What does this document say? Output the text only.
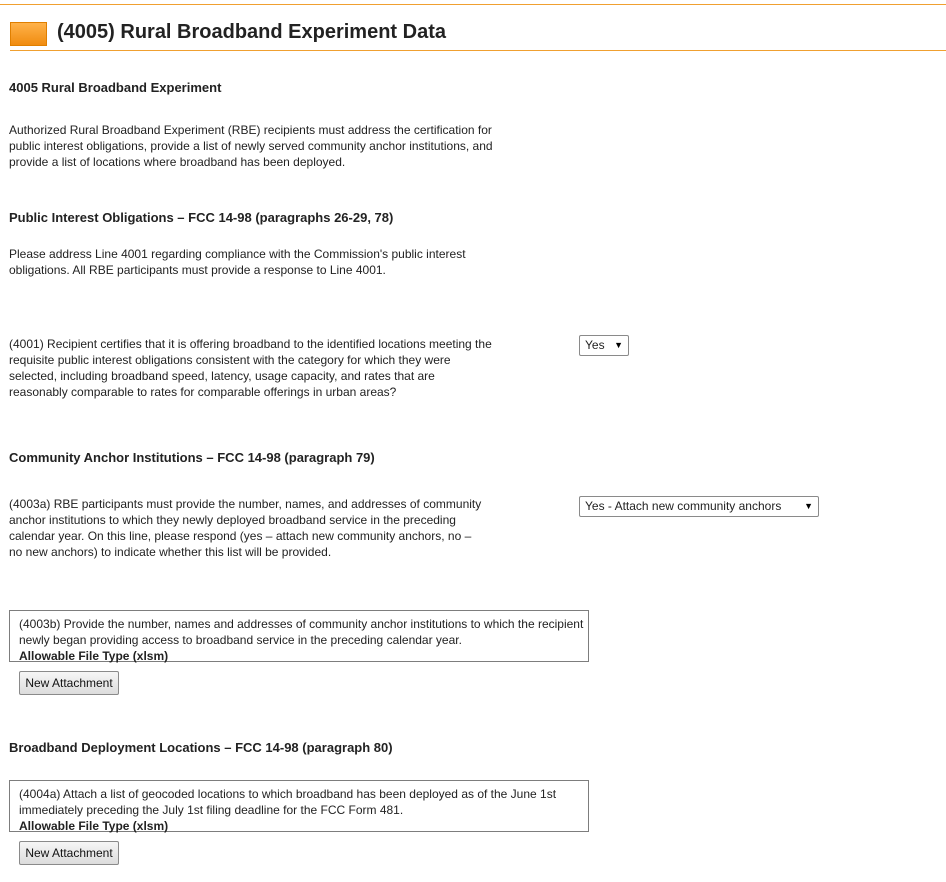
(4005) Rural Broadband Experiment Data
4005 Rural Broadband Experiment
Authorized Rural Broadband Experiment (RBE) recipients must address the certification for public interest obligations, provide a list of newly served community anchor institutions, and provide a list of locations where broadband has been deployed.
Public Interest Obligations – FCC 14-98 (paragraphs 26-29, 78)
Please address Line 4001 regarding compliance with the Commission's public interest obligations. All RBE participants must provide a response to Line 4001.
(4001) Recipient certifies that it is offering broadband to the identified locations meeting the requisite public interest obligations consistent with the category for which they were selected, including broadband speed, latency, usage capacity, and rates that are reasonably comparable to rates for comparable offerings in urban areas?
Yes ▼
Community Anchor Institutions – FCC 14-98 (paragraph 79)
(4003a) RBE participants must provide the number, names, and addresses of community anchor institutions to which they newly deployed broadband service in the preceding calendar year. On this line, please respond (yes – attach new community anchors, no – no new anchors) to indicate whether this list will be provided.
Yes - Attach new community anchors	▼
(4003b) Provide the number, names and addresses of community anchor institutions to which the recipient newly began providing access to broadband service in the preceding calendar year.
Allowable File Type (xlsm)
New Attachment
Broadband Deployment Locations – FCC 14-98 (paragraph 80)
(4004a) Attach a list of geocoded locations to which broadband has been deployed as of the June 1st immediately preceding the July 1st filing deadline for the FCC Form 481.
Allowable File Type (xlsm)
New Attachment
